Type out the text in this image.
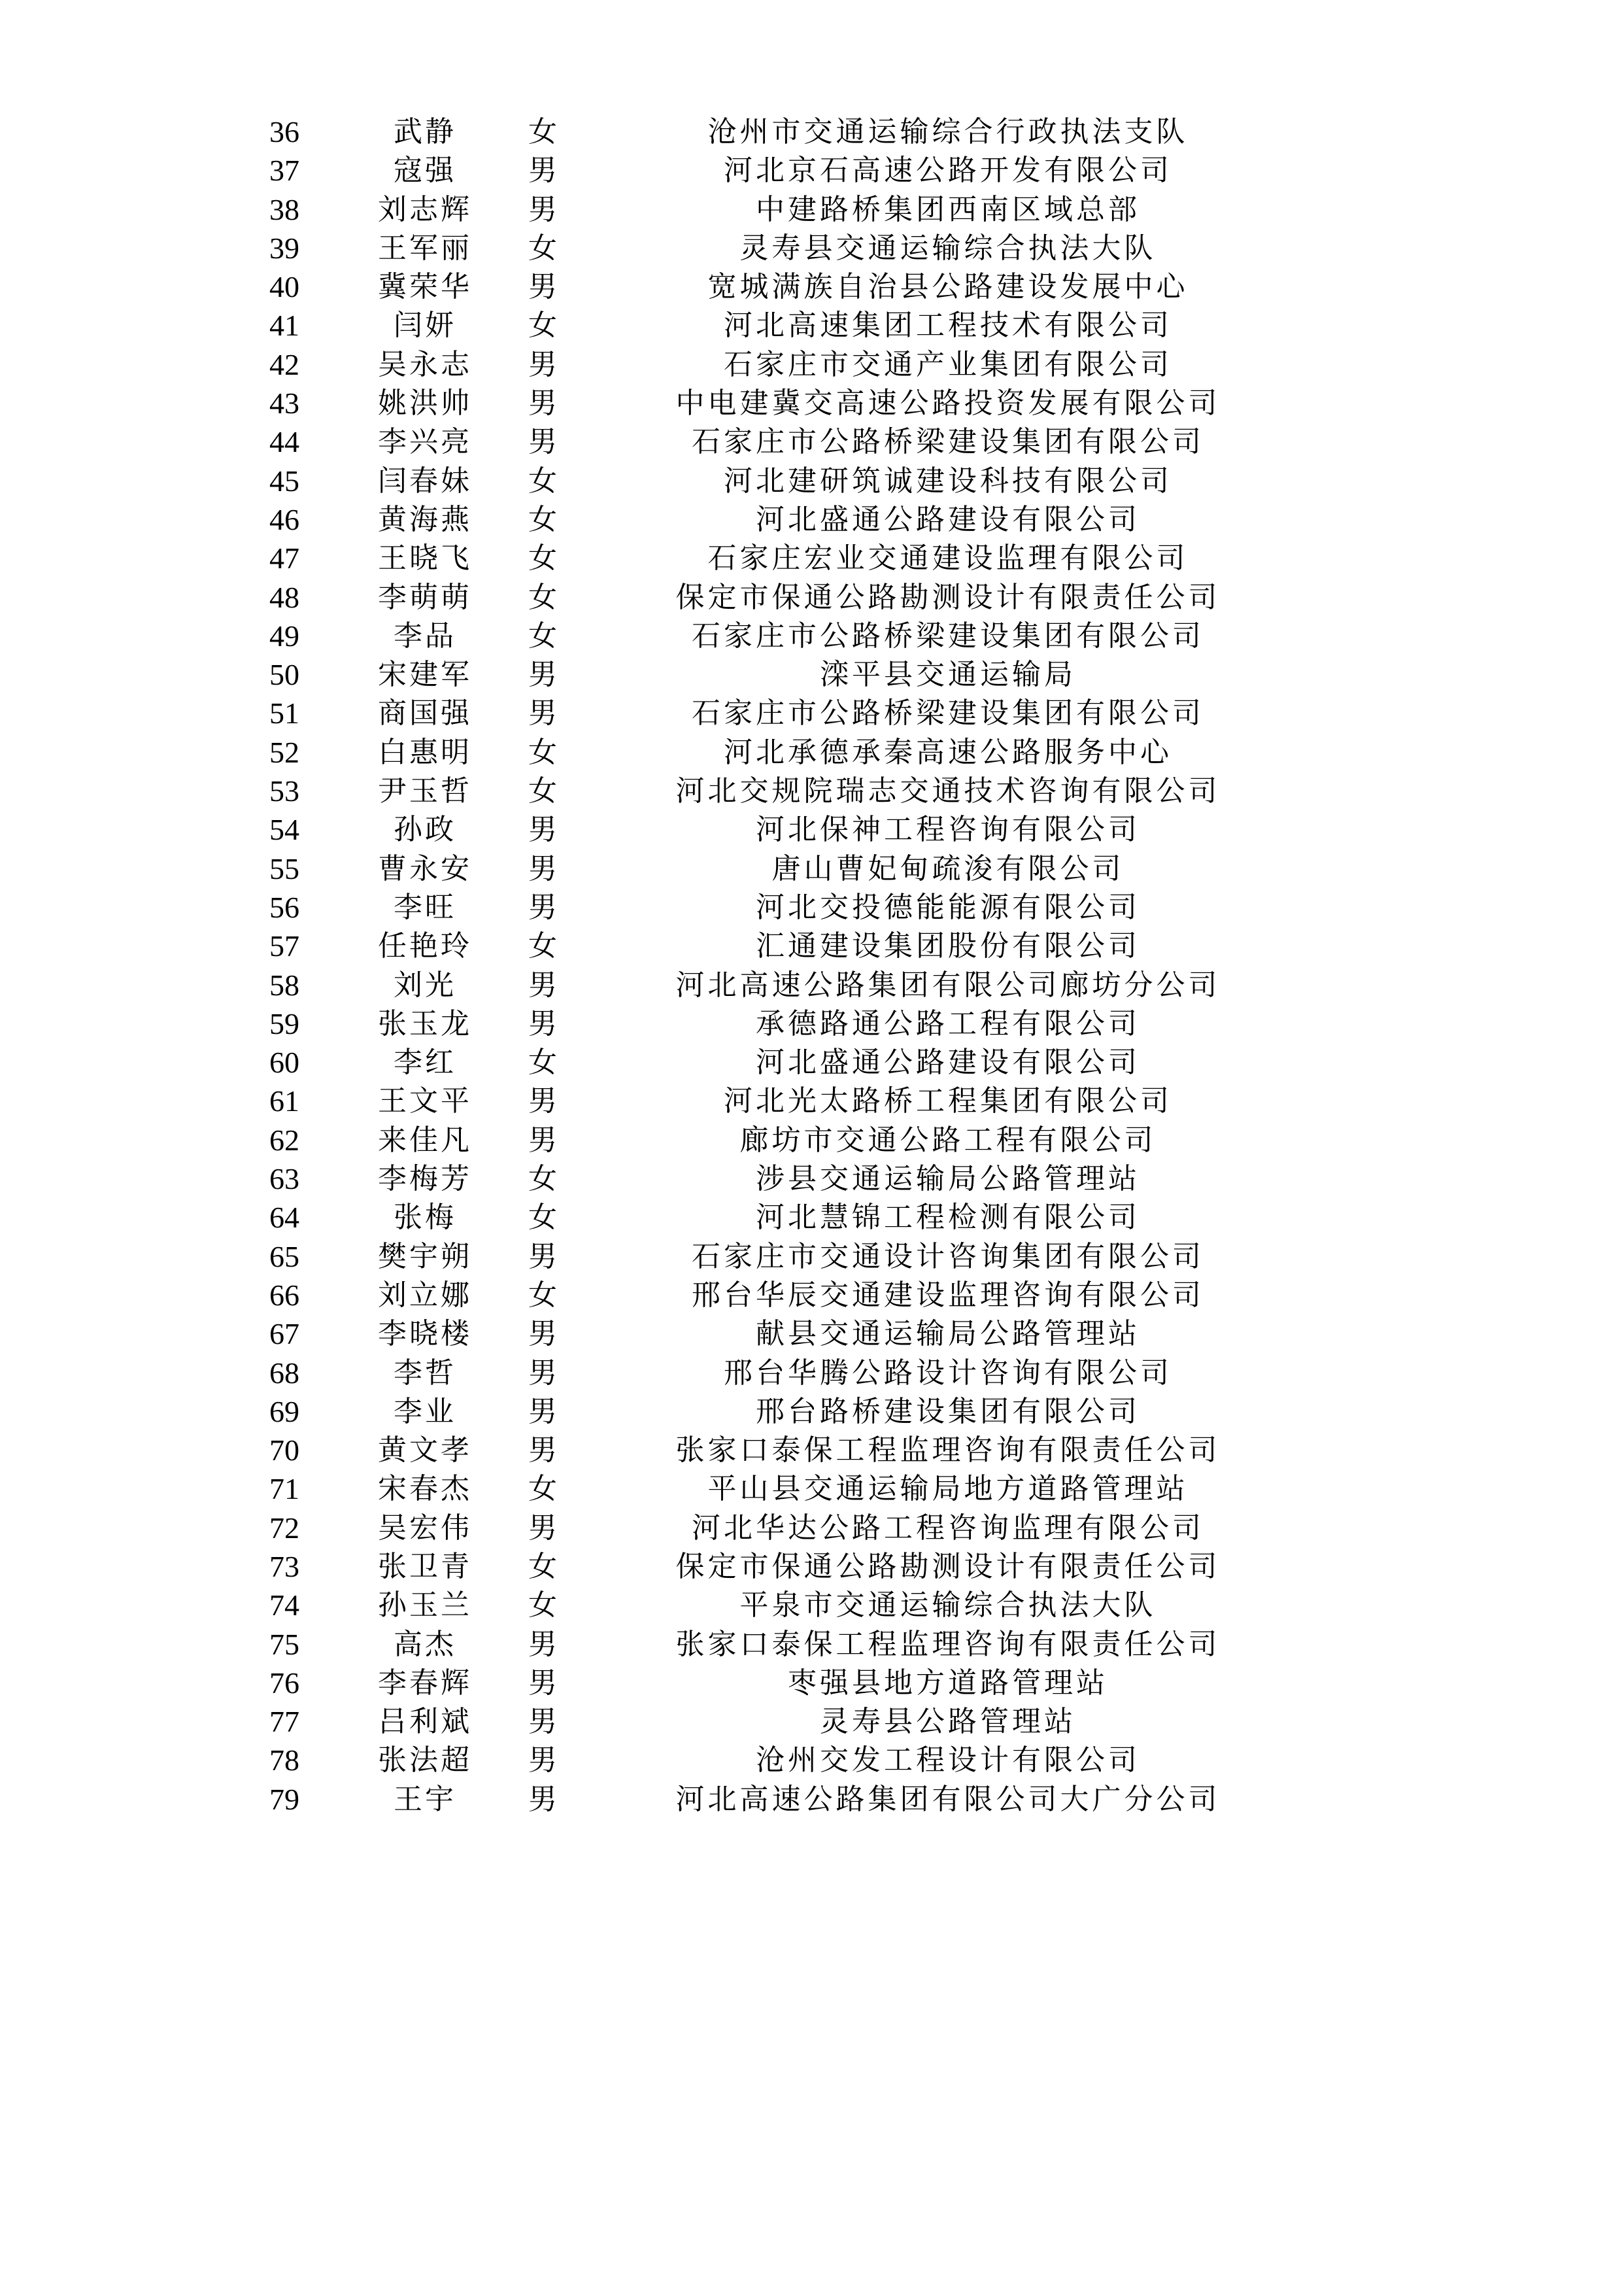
36	武静	女	沧州市交通运输综合行政执法支队
37	寇强	男	河北京石高速公路开发有限公司
38	刘志辉	男	中建路桥集团西南区域总部
39	王军丽	女	灵寿县交通运输综合执法大队
40	冀荣华	男	宽城满族自治县公路建设发展中心
41	闫妍	女	河北高速集团工程技术有限公司
42	吴永志	男	石家庄市交通产业集团有限公司
43	姚洪帅	男	中电建冀交高速公路投资发展有限公司
44	李兴亮	男	石家庄市公路桥梁建设集团有限公司
45	闫春妹	女	河北建研筑诚建设科技有限公司
46	黄海燕	女	河北盛通公路建设有限公司
47	王晓飞	女	石家庄宏业交通建设监理有限公司
48	李萌萌	女	保定市保通公路勘测设计有限责任公司
49	李品	女	石家庄市公路桥梁建设集团有限公司
50	宋建军	男	滦平县交通运输局
51	商国强	男	石家庄市公路桥梁建设集团有限公司
52	白惠明	女	河北承德承秦高速公路服务中心
53	尹玉哲	女	河北交规院瑞志交通技术咨询有限公司
54	孙政	男	河北保神工程咨询有限公司
55	曹永安	男	唐山曹妃甸疏浚有限公司
56	李旺	男	河北交投德能能源有限公司
57	任艳玲	女	汇通建设集团股份有限公司
58	刘光	男	河北高速公路集团有限公司廊坊分公司
59	张玉龙	男	承德路通公路工程有限公司
60	李红	女	河北盛通公路建设有限公司
61	王文平	男	河北光太路桥工程集团有限公司
62	来佳凡	男	廊坊市交通公路工程有限公司
63	李梅芳	女	涉县交通运输局公路管理站
64	张梅	女	河北慧锦工程检测有限公司
65	樊宇朔	男	石家庄市交通设计咨询集团有限公司
66	刘立娜	女	邢台华辰交通建设监理咨询有限公司
67	李晓楼	男	献县交通运输局公路管理站
68	李哲	男	邢台华腾公路设计咨询有限公司
69	李业	男	邢台路桥建设集团有限公司
70	黄文孝	男	张家口泰保工程监理咨询有限责任公司
71	宋春杰	女	平山县交通运输局地方道路管理站
72	吴宏伟	男	河北华达公路工程咨询监理有限公司
73	张卫青	女	保定市保通公路勘测设计有限责任公司
74	孙玉兰	女	平泉市交通运输综合执法大队
75	高杰	男	张家口泰保工程监理咨询有限责任公司
76	李春辉	男	枣强县地方道路管理站
77	吕利斌	男	灵寿县公路管理站
78	张法超	男	沧州交发工程设计有限公司
79	王宇	男	河北高速公路集团有限公司大广分公司
